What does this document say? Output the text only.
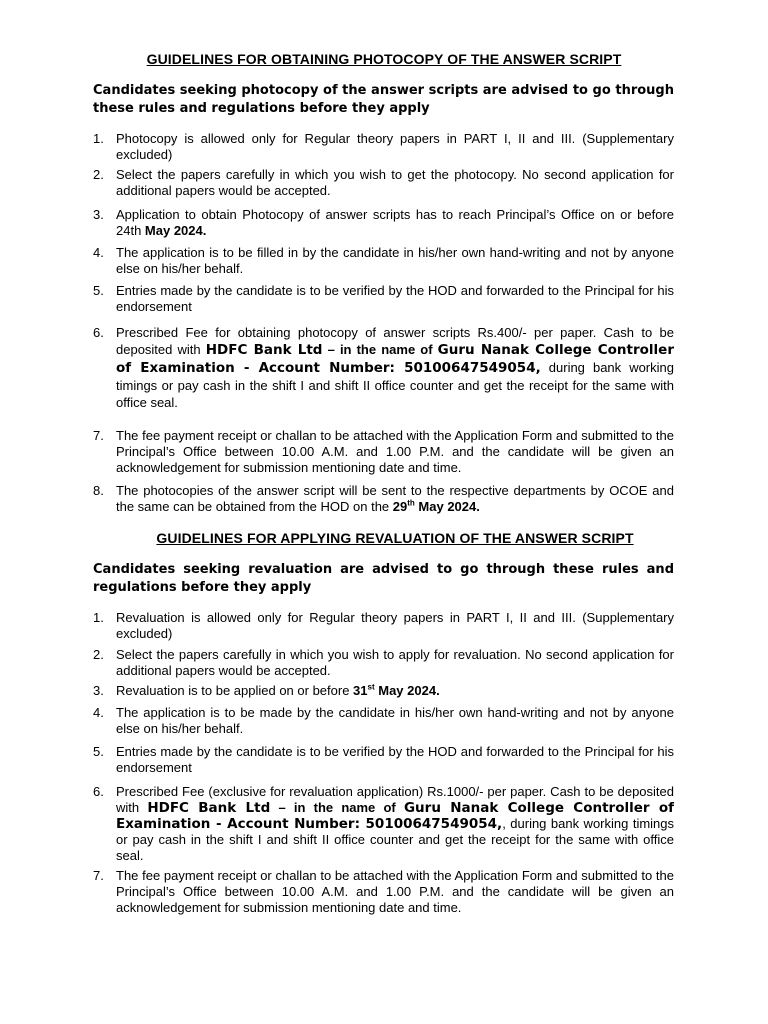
GUIDELINES FOR OBTAINING PHOTOCOPY OF THE ANSWER SCRIPT
Candidates seeking photocopy of the answer scripts are advised to go through these rules and regulations before they apply
1. Photocopy is allowed only for Regular theory papers in PART I, II and III. (Supplementary excluded)
2. Select the papers carefully in which you wish to get the photocopy. No second application for additional papers would be accepted.
3. Application to obtain Photocopy of answer scripts has to reach Principal’s Office on or before 24th May 2024.
4. The application is to be filled in by the candidate in his/her own hand-writing and not by anyone else on his/her behalf.
5. Entries made by the candidate is to be verified by the HOD and forwarded to the Principal for his endorsement
6. Prescribed Fee for obtaining photocopy of answer scripts Rs.400/- per paper. Cash to be deposited with HDFC Bank Ltd – in the name of Guru Nanak College Controller of Examination - Account Number: 50100647549054, during bank working timings or pay cash in the shift I and shift II office counter and get the receipt for the same with office seal.
7. The fee payment receipt or challan to be attached with the Application Form and submitted to the Principal’s Office between 10.00 A.M. and 1.00 P.M. and the candidate will be given an acknowledgement for submission mentioning date and time.
8. The photocopies of the answer script will be sent to the respective departments by OCOE and the same can be obtained from the HOD on the 29th May 2024.
GUIDELINES FOR APPLYING REVALUATION OF THE ANSWER SCRIPT
Candidates seeking revaluation are advised to go through these rules and regulations before they apply
1. Revaluation is allowed only for Regular theory papers in PART I, II and III. (Supplementary excluded)
2. Select the papers carefully in which you wish to apply for revaluation. No second application for additional papers would be accepted.
3. Revaluation is to be applied on or before 31st May 2024.
4. The application is to be made by the candidate in his/her own hand-writing and not by anyone else on his/her behalf.
5. Entries made by the candidate is to be verified by the HOD and forwarded to the Principal for his endorsement
6. Prescribed Fee (exclusive for revaluation application) Rs.1000/- per paper. Cash to be deposited with HDFC Bank Ltd – in the name of Guru Nanak College Controller of Examination - Account Number: 50100647549054,, during bank working timings or pay cash in the shift I and shift II office counter and get the receipt for the same with office seal.
7. The fee payment receipt or challan to be attached with the Application Form and submitted to the Principal’s Office between 10.00 A.M. and 1.00 P.M. and the candidate will be given an acknowledgement for submission mentioning date and time.
